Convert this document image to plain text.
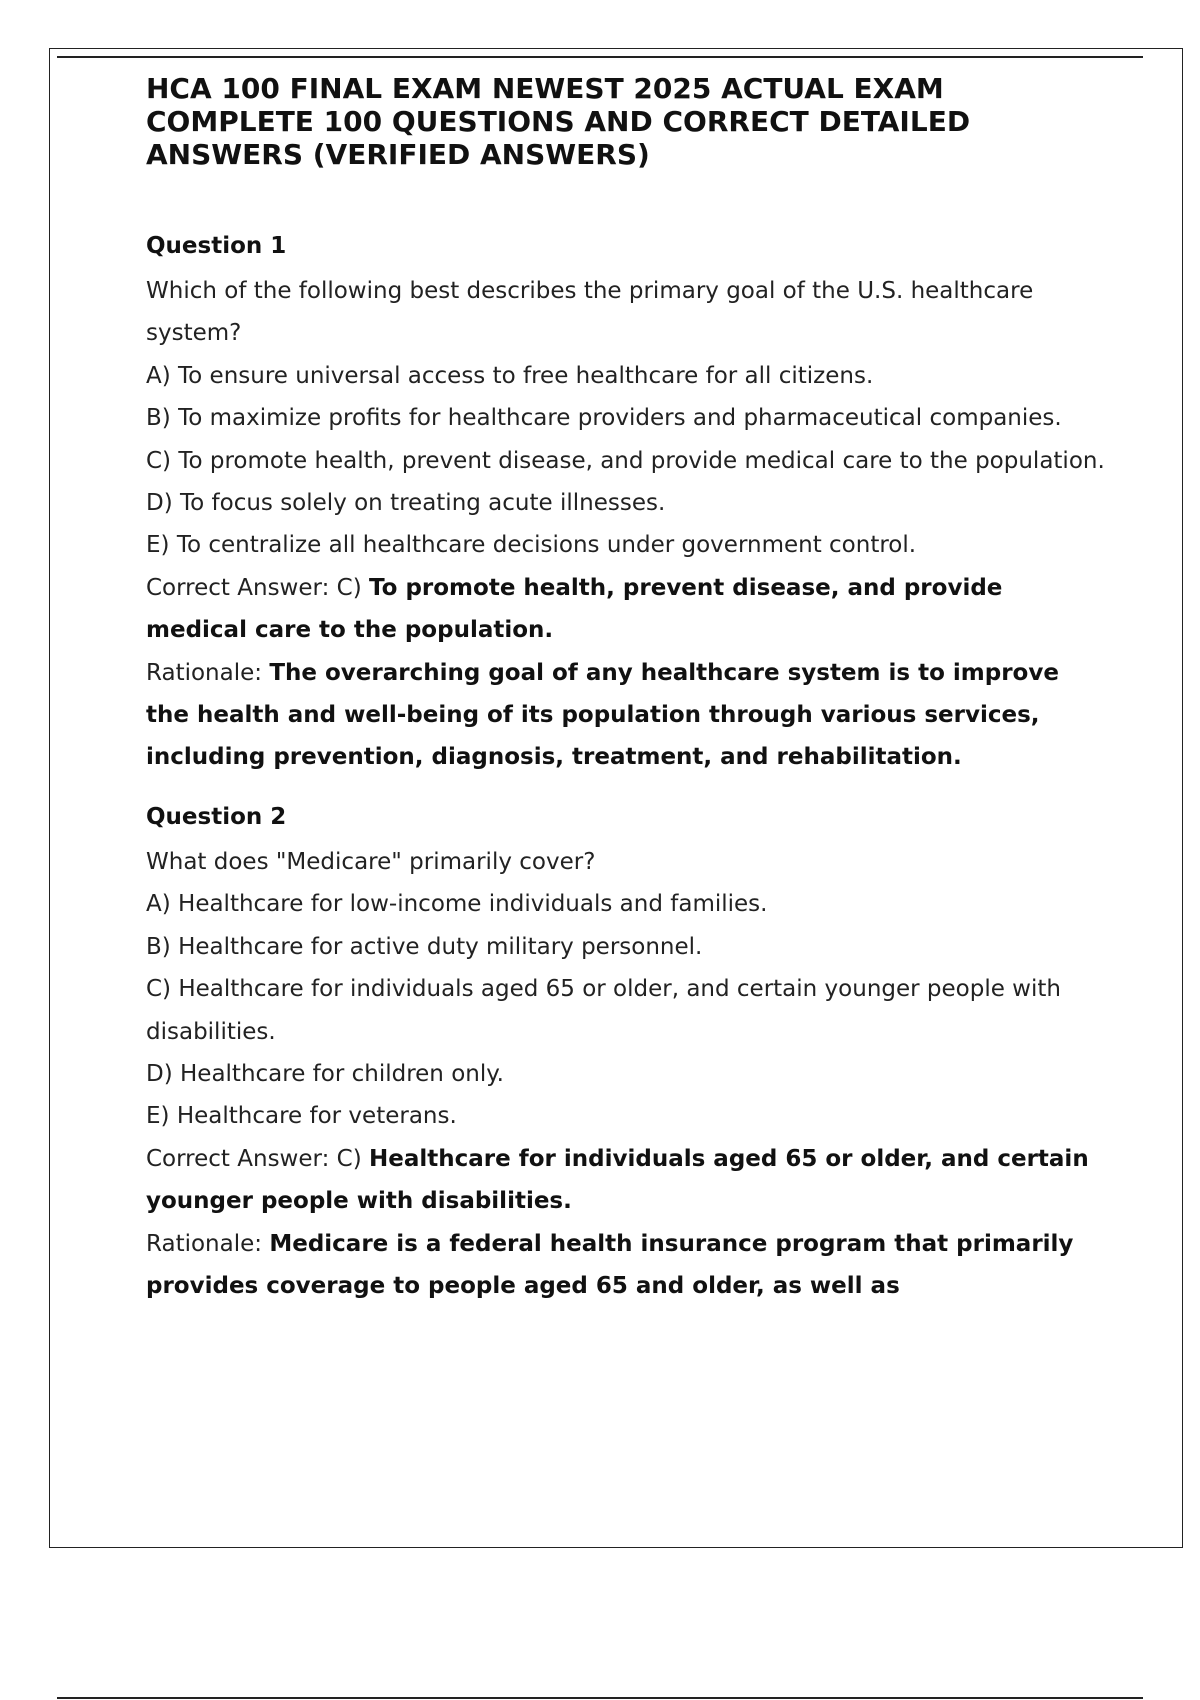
HCA 100 FINAL EXAM NEWEST 2025 ACTUAL EXAM COMPLETE 100 QUESTIONS AND CORRECT DETAILED ANSWERS (VERIFIED ANSWERS)
Question 1

Which of the following best describes the primary goal of the U.S. healthcare system?

A) To ensure universal access to free healthcare for all citizens.

B) To maximize profits for healthcare providers and pharmaceutical companies.

C) To promote health, prevent disease, and provide medical care to the population.

D) To focus solely on treating acute illnesses.

E) To centralize all healthcare decisions under government control.

Correct Answer: C) To promote health, prevent disease, and provide medical care to the population.

Rationale: The overarching goal of any healthcare system is to improve the health and well-being of its population through various services, including prevention, diagnosis, treatment, and rehabilitation.

Question 2

What does "Medicare" primarily cover?

A) Healthcare for low-income individuals and families.

B) Healthcare for active duty military personnel.

C) Healthcare for individuals aged 65 or older, and certain younger people with disabilities.

D) Healthcare for children only.

E) Healthcare for veterans.

Correct Answer: C) Healthcare for individuals aged 65 or older, and certain younger people with disabilities.

Rationale: Medicare is a federal health insurance program that primarily provides coverage to people aged 65 and older, as well as
